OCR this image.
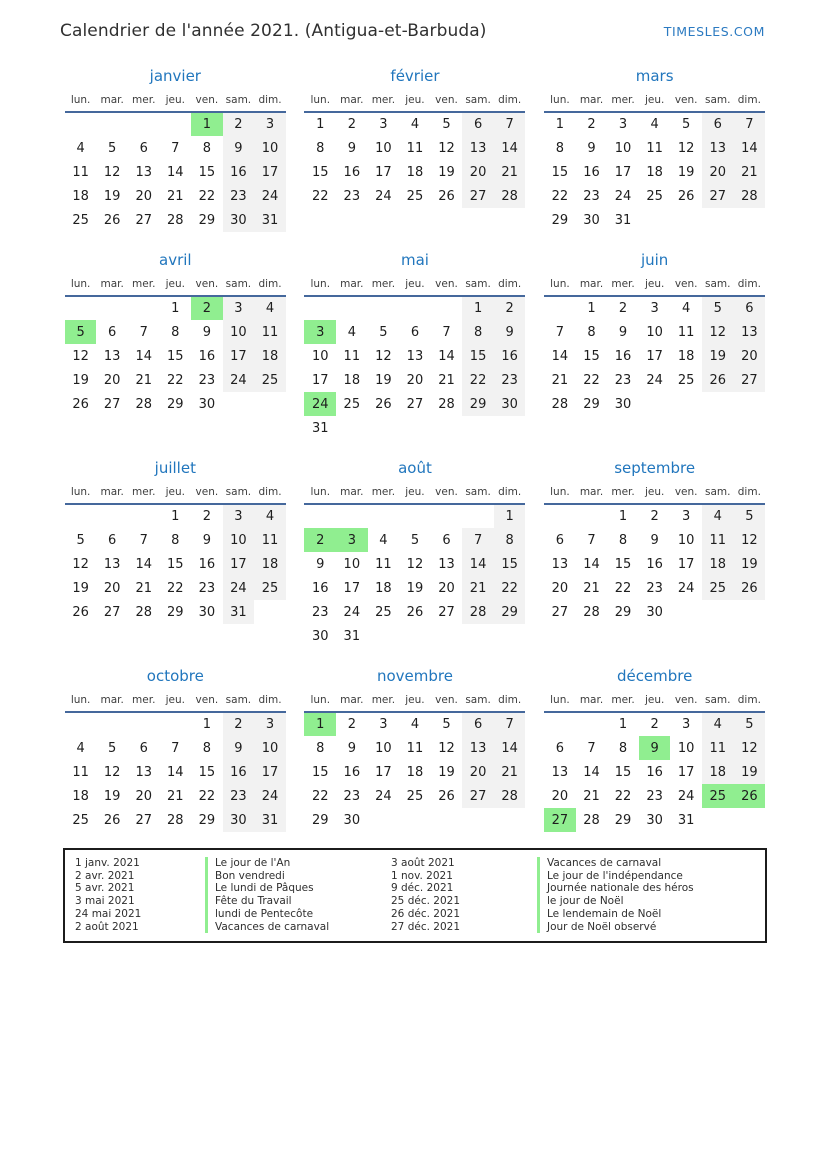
Calendrier de l'année 2021. (Antigua-et-Barbuda)	TIMESLES.COM
janvier
lun.	mar.	mer.	jeu.	ven.	sam.	dim.
				1	2	3
4	5	6	7	8	9	10
11	12	13	14	15	16	17
18	19	20	21	22	23	24
25	26	27	28	29	30	31
février
lun.	mar.	mer.	jeu.	ven.	sam.	dim.
1	2	3	4	5	6	7
8	9	10	11	12	13	14
15	16	17	18	19	20	21
22	23	24	25	26	27	28
mars
lun.	mar.	mer.	jeu.	ven.	sam.	dim.
1	2	3	4	5	6	7
8	9	10	11	12	13	14
15	16	17	18	19	20	21
22	23	24	25	26	27	28
29	30	31				
avril
lun.	mar.	mer.	jeu.	ven.	sam.	dim.
			1	2	3	4
5	6	7	8	9	10	11
12	13	14	15	16	17	18
19	20	21	22	23	24	25
26	27	28	29	30		
mai
lun.	mar.	mer.	jeu.	ven.	sam.	dim.
					1	2
3	4	5	6	7	8	9
10	11	12	13	14	15	16
17	18	19	20	21	22	23
24	25	26	27	28	29	30
31						
juin
lun.	mar.	mer.	jeu.	ven.	sam.	dim.
	1	2	3	4	5	6
7	8	9	10	11	12	13
14	15	16	17	18	19	20
21	22	23	24	25	26	27
28	29	30				
juillet
lun.	mar.	mer.	jeu.	ven.	sam.	dim.
			1	2	3	4
5	6	7	8	9	10	11
12	13	14	15	16	17	18
19	20	21	22	23	24	25
26	27	28	29	30	31	
août
lun.	mar.	mer.	jeu.	ven.	sam.	dim.
						1
2	3	4	5	6	7	8
9	10	11	12	13	14	15
16	17	18	19	20	21	22
23	24	25	26	27	28	29
30	31					
septembre
lun.	mar.	mer.	jeu.	ven.	sam.	dim.
		1	2	3	4	5
6	7	8	9	10	11	12
13	14	15	16	17	18	19
20	21	22	23	24	25	26
27	28	29	30			
octobre
lun.	mar.	mer.	jeu.	ven.	sam.	dim.
				1	2	3
4	5	6	7	8	9	10
11	12	13	14	15	16	17
18	19	20	21	22	23	24
25	26	27	28	29	30	31
novembre
lun.	mar.	mer.	jeu.	ven.	sam.	dim.
1	2	3	4	5	6	7
8	9	10	11	12	13	14
15	16	17	18	19	20	21
22	23	24	25	26	27	28
29	30					
décembre
lun.	mar.	mer.	jeu.	ven.	sam.	dim.
		1	2	3	4	5
6	7	8	9	10	11	12
13	14	15	16	17	18	19
20	21	22	23	24	25	26
27	28	29	30	31		
1 janv. 2021	Le jour de l'An	3 août 2021	Vacances de carnaval
2 avr. 2021	Bon vendredi	1 nov. 2021	Le jour de l'indépendance
5 avr. 2021	Le lundi de Pâques	9 déc. 2021	Journée nationale des héros
3 mai 2021	Fête du Travail	25 déc. 2021	le jour de Noël
24 mai 2021	lundi de Pentecôte	26 déc. 2021	Le lendemain de Noël
2 août 2021	Vacances de carnaval	27 déc. 2021	Jour de Noël observé
